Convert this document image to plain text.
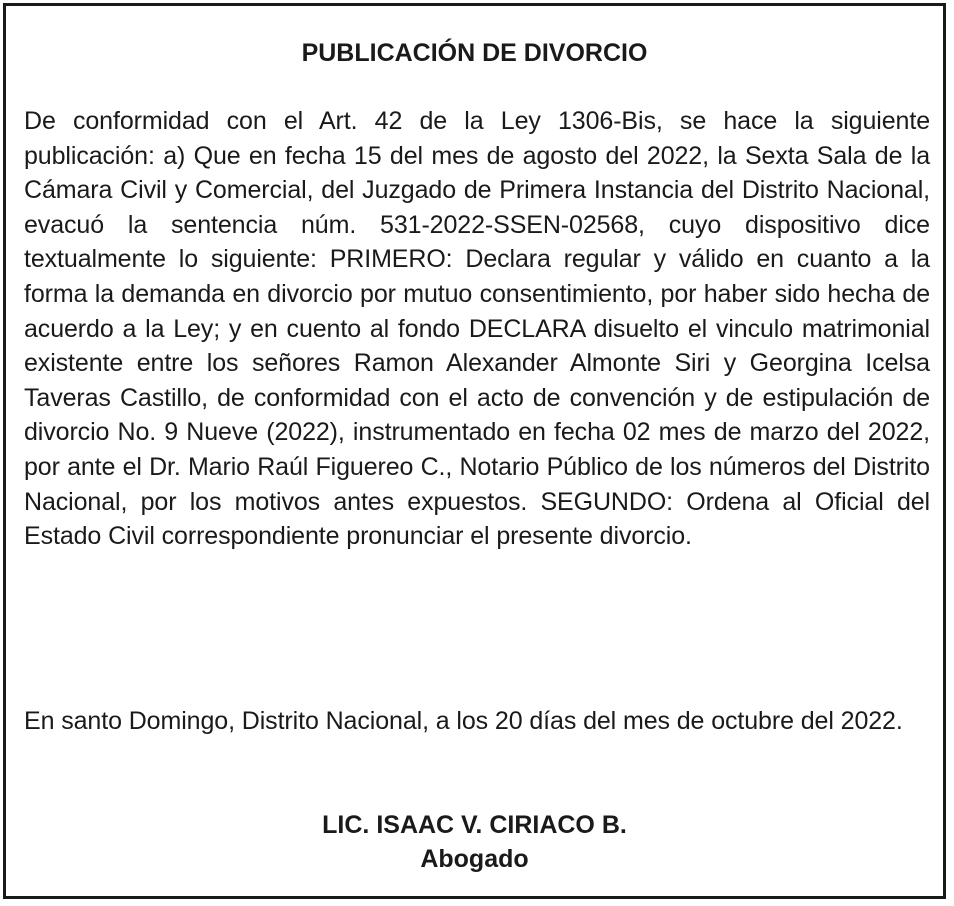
PUBLICACIÓN DE DIVORCIO

De conformidad con el Art. 42 de la Ley 1306-Bis, se hace la siguiente publicación: a) Que en fecha 15 del mes de agosto del 2022, la Sexta Sala de la Cámara Civil y Comercial, del Juzgado de Primera Instancia del Distrito Nacional, evacuó la sentencia núm. 531-2022-SSEN-02568, cuyo dispositivo dice textualmente lo siguiente: PRIMERO: Declara regular y válido en cuanto a la forma la demanda en divorcio por mutuo consentimiento, por haber sido hecha de acuerdo a la Ley; y en cuento al fondo DECLARA disuelto el vinculo matrimonial existente entre los señores Ramon Alexander Almonte Siri y Georgina Icelsa Taveras Castillo, de conformidad con el acto de convención y de estipulación de divorcio No. 9 Nueve (2022), instrumentado en fecha 02 mes de marzo del 2022, por ante el Dr. Mario Raúl Figuereo C., Notario Público de los números del Distrito Nacional, por los motivos antes expuestos. SEGUNDO: Ordena al Oficial del Estado Civil correspondiente pronunciar el presente divorcio.

En santo Domingo, Distrito Nacional, a los 20 días del mes de octubre del 2022.

LIC. ISAAC V. CIRIACO B.
Abogado
